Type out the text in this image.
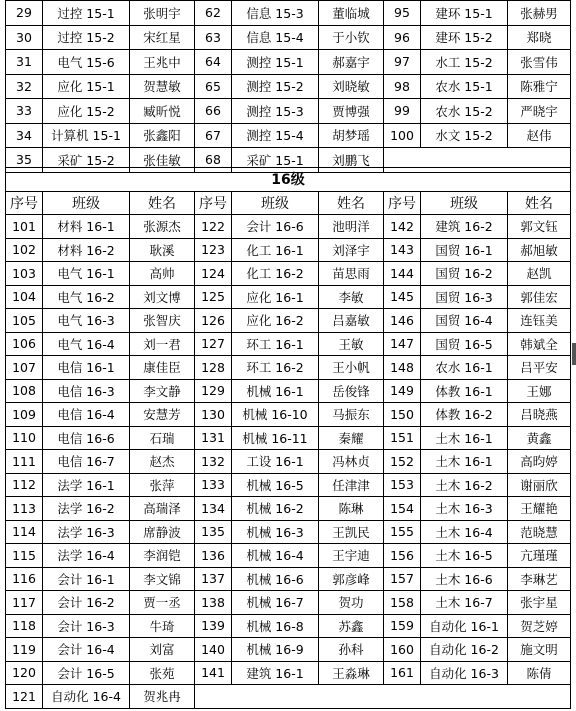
29	过控 15-1	张明宇	62	信息 15-3	董临城	95	建环 15-1	张赫男
30	过控 15-2	宋红星	63	信息 15-4	于小钦	96	建环 15-2	郑晓
31	电气 15-6	王兆中	64	测控 15-1	郝嘉宇	97	水工 15-2	张雪伟
32	应化 15-1	贺慧敏	65	测控 15-2	刘晓敏	98	农水 15-1	陈雅宁
33	应化 15-2	臧昕悦	66	测控 15-3	贾博强	99	农水 15-2	严晓宇
34	计算机 15-1	张鑫阳	67	测控 15-4	胡梦瑶	100	水文 15-2	赵伟
35	采矿 15-2	张佳敏	68	采矿 15-1	刘鹏飞			
16级								
序号	班级	姓名	序号	班级	姓名	序号	班级	姓名
101	材料 16-1	张源杰	122	会计 16-6	池明洋	142	建筑 16-2	郭文钰
102	材料 16-2	耿溪	123	化工 16-1	刘泽宇	143	国贸 16-1	郝旭敏
103	电气 16-1	高帅	124	化工 16-2	苗思雨	144	国贸 16-2	赵凯
104	电气 16-2	刘文博	125	应化 16-1	李敏	145	国贸 16-3	郭佳宏
105	电气 16-3	张智庆	126	应化 16-2	吕嘉敏	146	国贸 16-4	连钰美
106	电气 16-4	刘一君	127	环工 16-1	王敏	147	国贸 16-5	韩斌全
107	电信 16-1	康佳臣	128	环工 16-2	王小帆	148	农水 16-1	吕平安
108	电信 16-3	李文静	129	机械 16-1	岳俊锋	149	体教 16-1	王娜
109	电信 16-4	安慧芳	130	机械 16-10	马振东	150	体教 16-2	吕晓燕
110	电信 16-6	石瑞	131	机械 16-11	秦耀	151	土木 16-1	黄鑫
111	电信 16-7	赵杰	132	工设 16-1	冯林贞	152	土木 16-1	高昀婷
112	法学 16-1	张萍	133	机械 16-5	任津津	153	土木 16-2	谢丽欣
113	法学 16-2	高瑞泽	134	机械 16-2	陈琳	154	土木 16-3	王耀艳
114	法学 16-3	席静波	135	机械 16-3	王凯民	155	土木 16-4	范晓慧
115	法学 16-4	李润铠	136	机械 16-4	王宇迪	156	土木 16-5	亢瑾瑾
116	会计 16-1	李文锦	137	机械 16-6	郭彦峰	157	土木 16-6	李琳艺
117	会计 16-2	贾一丞	138	机械 16-7	贺功	158	土木 16-7	张宇星
118	会计 16-3	牛琦	139	机械 16-8	苏鑫	159	自动化 16-1	贺芝婷
119	会计 16-4	刘富	140	机械 16-9	孙科	160	自动化 16-2	施文明
120	会计 16-5	张苑	141	建筑 16-1	王淼琳	161	自动化 16-3	陈倩
121	自动化 16-4	贺兆冉						
